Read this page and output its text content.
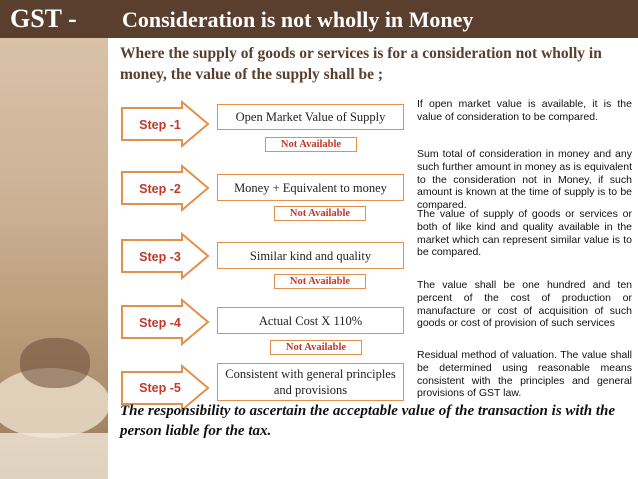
GST - Consideration is not wholly in Money
Where the supply of goods or services is for a consideration not wholly in money, the value of the supply shall be ;
Step -1
Open Market Value of Supply
Not Available
If open market value is available, it is the value of consideration to be compared.
Step -2	Money + Equivalent to money
Not Available
Sum total of consideration in money and any such further amount in money as is equivalent to the consideration not in Money, if such amount is known at the time of supply is to be compared.
Step -3	Similar kind and quality
Not Available
The value of supply of goods or services or both of like kind and quality available in the market which can represent similar value is to be compared.
Step -4	Actual Cost X 110%
Not Available
The value shall be one hundred and ten percent of the cost of production or manufacture or cost of acquisition of such goods or cost of provision of such services
Step -5
Consistent with general principles and provisions
Residual method of valuation. The value shall be determined using reasonable means consistent with the principles and general provisions of GST law.
The responsibility to ascertain the acceptable value of the transaction is with the person liable for the tax.
